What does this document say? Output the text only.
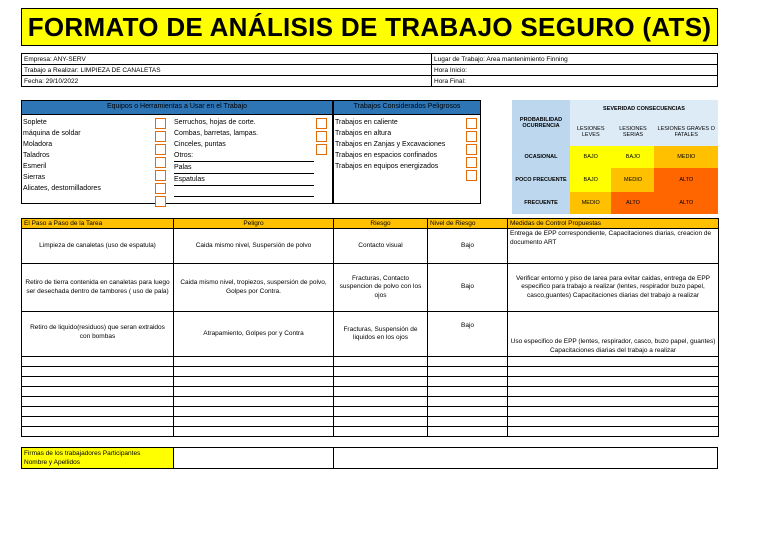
FORMATO DE ANÁLISIS DE TRABAJO SEGURO (ATS)
Empresa: ANY-SERV	Lugar de Trabajo: Area mantenimiento Finning
Trabajo a Realizar: LIMPIEZA DE CANALETAS	Hora Inicio:
Fecha: 29/10/2022	Hora Final:
Equipos o Herramientas a Usar en el Trabajo
Soplete
máquina de soldar
Moladora
Taladros
Esmeril
Sierras
Alicates, destornilladores
Serruchos, hojas de corte.
Combas, barretas, lampas.
Cinceles, puntas
Otros:
Palas
Espatulas
Trabajos Considerados Peligrosos
Trabajos en caliente
Trabajos en altura
Trabajos en Zanjas y Excavaciones
Trabajos en espacios confinados
Trabajos en equipos energizados
PROBABILIDAD OCURRENCIA	SEVERIDAD CONSECUENCIAS		
	LESIONES LEVES	LESIONES SERIAS	LESIONES GRAVES O FATALES
OCASIONAL	BAJO	BAJO	MEDIO
POCO FRECUENTE	BAJO	MEDIO	ALTO
FRECUENTE	MEDIO	ALTO	ALTO
El Paso a Paso de la Tarea	Peligro	Riesgo	Nivel de Riesgo	Medidas de Control Propuestas
Limpieza de canaletas (uso de espatula)	Caida mismo nivel, Suspersión de polvo	Contacto visual	Bajo	Entrega de EPP correspondiente, Capacitaciones diarias, creacion de documento ART
Retiro de tierra contenida en canaletas para luego ser desechada dentro de tambores ( uso de pala)	Caida mismo nivel, tropiezos, suspersión de polvo, Golpes por Contra.	Fracturas, Contacto suspencion de polvo con los ojos	Bajo	Verificar entorno y piso de larea para evitar caidas, entrega de EPP especifico para trabajo a realizar (lentes, respirador buzo papel, casco,guantes) Capacitaciones diarias del trabajo a realizar
Retiro de liquido(residuos) que seran extraidos con bombas	Atrapamiento, Golpes por y Contra	Fracturas, Suspensión de liquidos en los ojos	Bajo	Uso especifico de EPP (lentes, respirador, casco, buzo papel, guantes) Capacitaciones diarias del trabajo a realizar

Firmas de los trabajadores Participantes
Nombre y Apellidos
